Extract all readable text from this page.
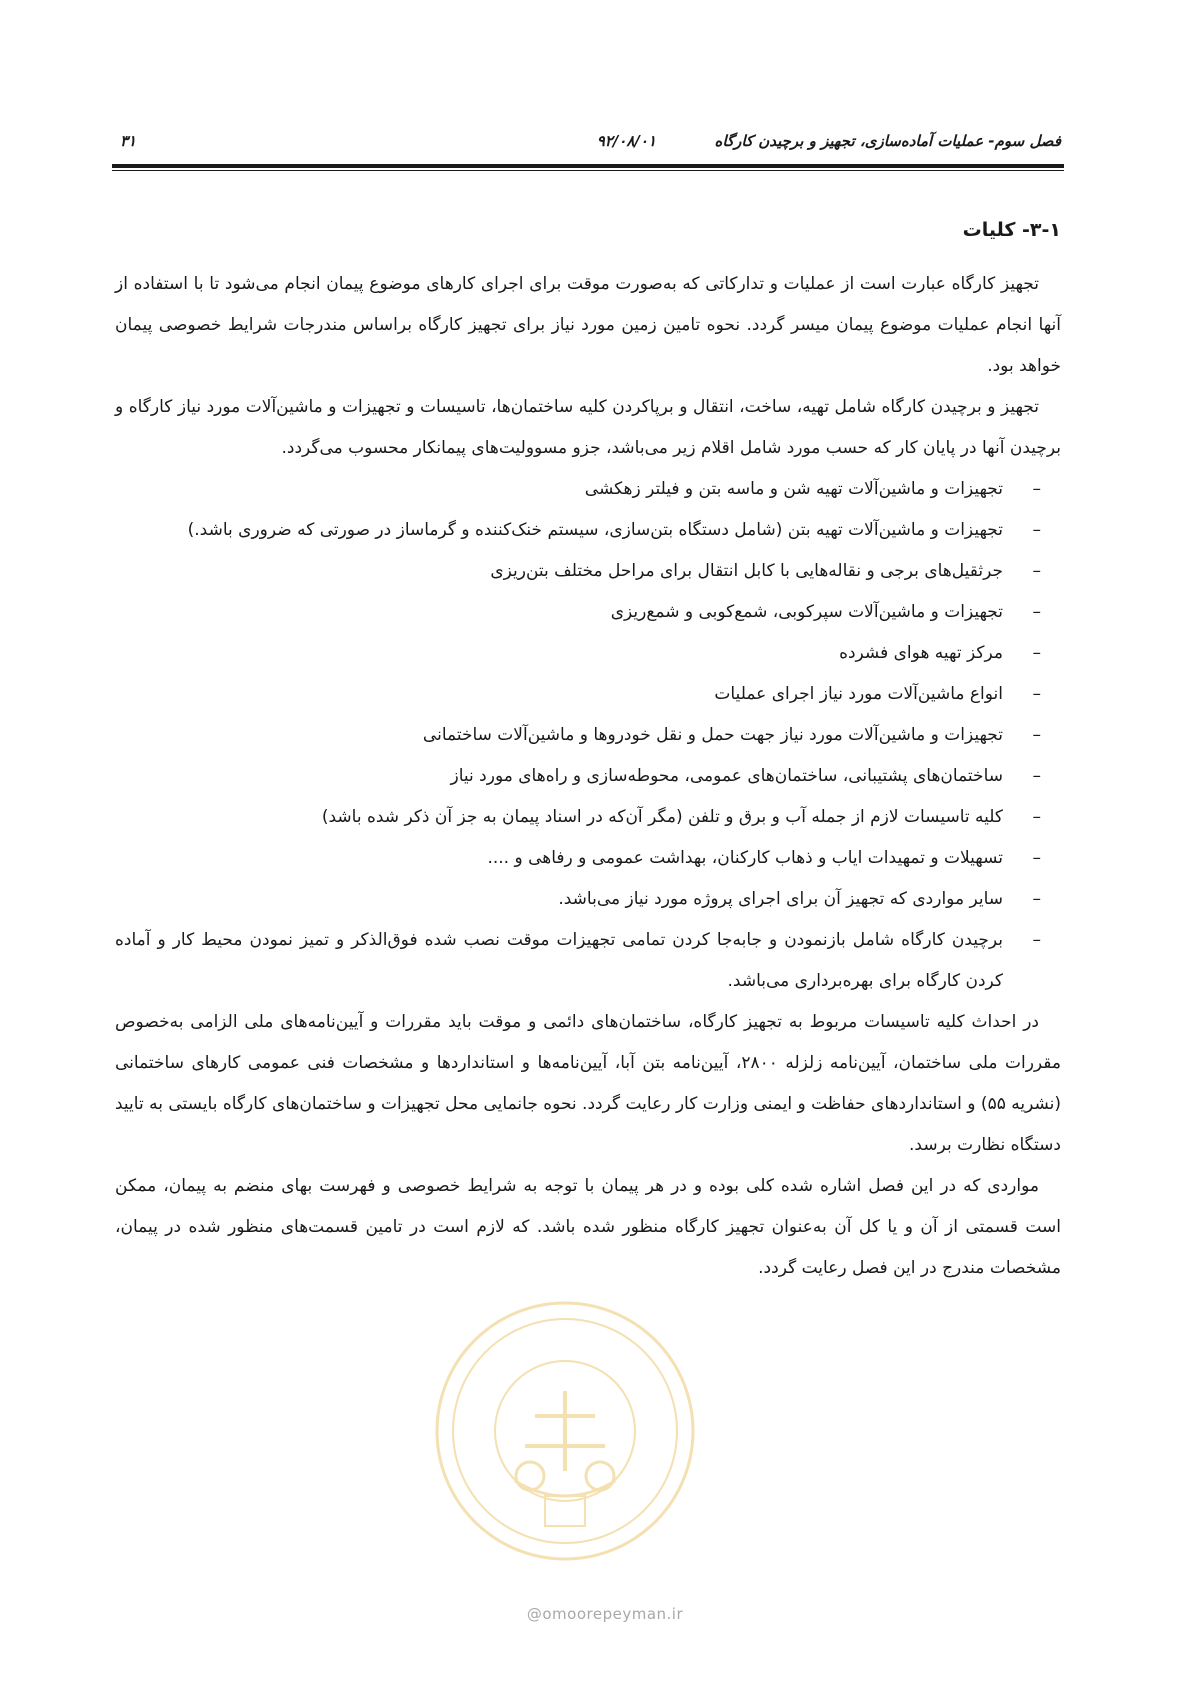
فصل سوم- عملیات آماده‌سازی، تجهیز و برچیدن کارگاه
۹۲/۰۸/۰۱
۳۱
۳-۱- کلیات

تجهیز کارگاه عبارت است از عملیات و تدارکاتی که به‌صورت موقت برای اجرای کارهای موضوع پیمان انجام می‌شود تا با استفاده از آنها انجام عملیات موضوع پیمان میسر گردد. نحوه تامین زمین مورد نیاز برای تجهیز کارگاه براساس مندرجات شرایط خصوصی پیمان خواهد بود.

تجهیز و برچیدن کارگاه شامل تهیه، ساخت، انتقال و برپاکردن کلیه ساختمان‌ها، تاسیسات و تجهیزات و ماشین‌آلات مورد نیاز کارگاه و برچیدن آنها در پایان کار که حسب مورد شامل اقلام زیر می‌باشد، جزو مسوولیت‌های پیمانکار محسوب می‌گردد.

–
تجهیزات و ماشین‌آلات تهیه شن و ماسه بتن و فیلتر زهکشی
–
تجهیزات و ماشین‌آلات تهیه بتن (شامل دستگاه بتن‌سازی، سیستم خنک‌کننده و گرماساز در صورتی که ضروری باشد.)
–
جرثقیل‌های برجی و نقاله‌هایی با کابل انتقال برای مراحل مختلف بتن‌ریزی
–
تجهیزات و ماشین‌آلات سپرکوبی، شمع‌کوبی و شمع‌ریزی
–
مرکز تهیه هوای فشرده
–
انواع ماشین‌آلات مورد نیاز اجرای عملیات
–
تجهیزات و ماشین‌آلات مورد نیاز جهت حمل و نقل خودروها و ماشین‌آلات ساختمانی
–
ساختمان‌های پشتیبانی، ساختمان‌های عمومی، محوطه‌سازی و راه‌های مورد نیاز
–
کلیه تاسیسات لازم از جمله آب و برق و تلفن (مگر آن‌که در اسناد پیمان به جز آن ذکر شده باشد)
–
تسهیلات و تمهیدات ایاب و ذهاب کارکنان، بهداشت عمومی و رفاهی و ....
–
سایر مواردی که تجهیز آن برای اجرای پروژه مورد نیاز می‌باشد.
–
برچیدن کارگاه شامل بازنمودن و جابه‌جا کردن تمامی تجهیزات موقت نصب شده فوق‌الذکر و تمیز نمودن محیط کار و آماده کردن کارگاه برای بهره‌برداری می‌باشد.

در احداث کلیه تاسیسات مربوط به تجهیز کارگاه، ساختمان‌های دائمی و موقت باید مقررات و آیین‌نامه‌های ملی الزامی به‌خصوص مقررات ملی ساختمان، آیین‌نامه زلزله ۲۸۰۰، آیین‌نامه بتن آبا، آیین‌نامه‌ها و استانداردها و مشخصات فنی عمومی کارهای ساختمانی (نشریه ۵۵) و استانداردهای حفاظت و ایمنی وزارت کار رعایت گردد. نحوه جانمایی محل تجهیزات و ساختمان‌های کارگاه بایستی به تایید دستگاه نظارت برسد.

مواردی که در این فصل اشاره شده کلی بوده و در هر پیمان با توجه به شرایط خصوصی و فهرست بهای منضم به پیمان، ممکن است قسمتی از آن و یا کل آن به‌عنوان تجهیز کارگاه منظور شده باشد. که لازم است در تامین قسمت‌های منظور شده در پیمان، مشخصات مندرج در این فصل رعایت گردد.

@omoorepeyman.ir
